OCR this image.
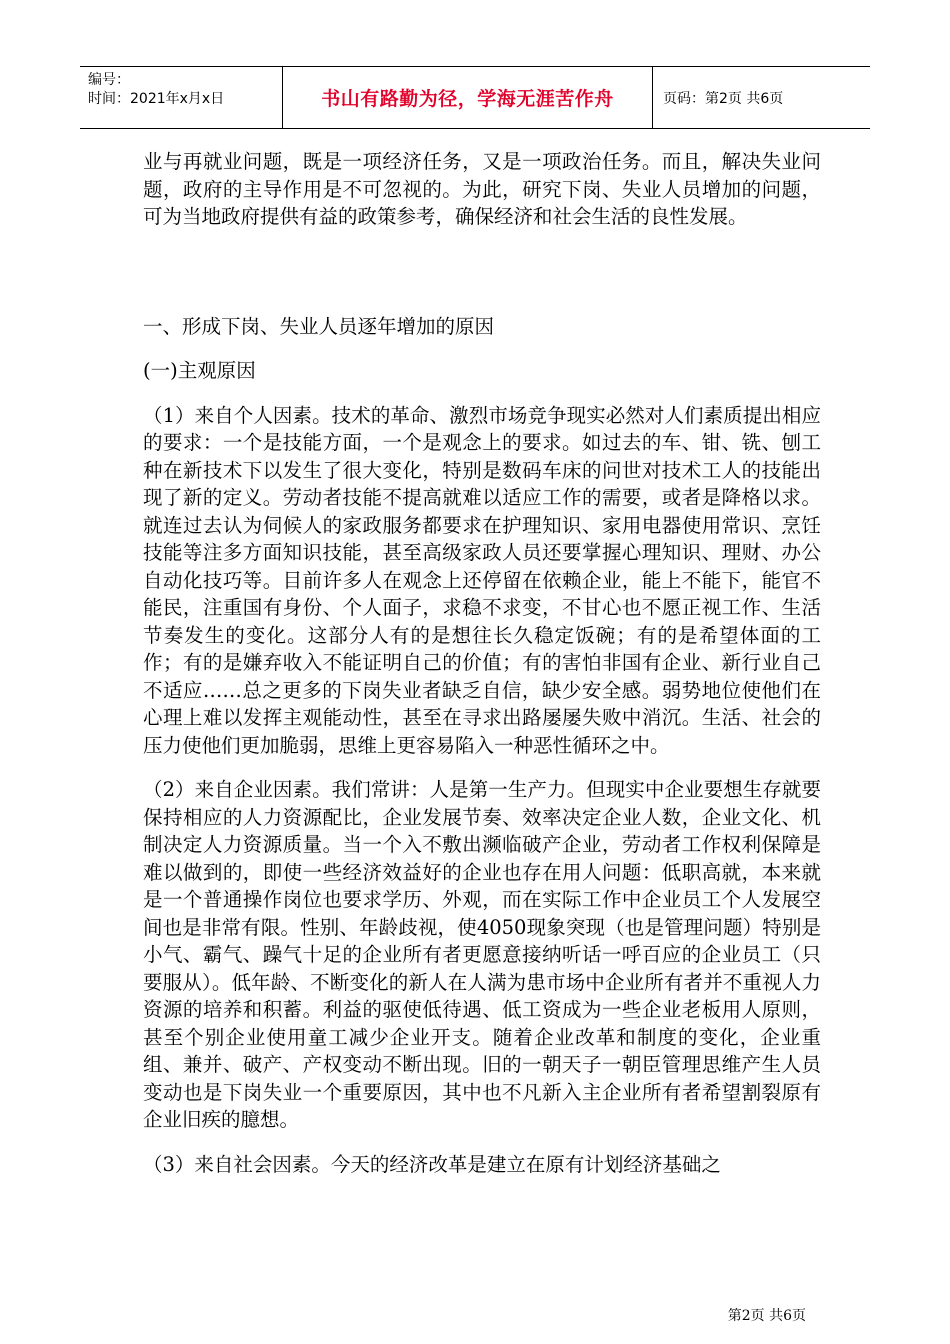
编号：
时间：2021年x月x日	书山有路勤为径，学海无涯苦作舟	页码：第2页 共6页

业与再就业问题，既是一项经济任务，又是一项政治任务。而且，解决失业问题，政府的主导作用是不可忽视的。为此，研究下岗、失业人员增加的问题，可为当地政府提供有益的政策参考，确保经济和社会生活的良性发展。

一、形成下岗、失业人员逐年增加的原因

(一)主观原因

（1）来自个人因素。技术的革命、激烈市场竞争现实必然对人们素质提出相应的要求：一个是技能方面，一个是观念上的要求。如过去的车、钳、铣、刨工种在新技术下以发生了很大变化，特别是数码车床的问世对技术工人的技能出现了新的定义。劳动者技能不提高就难以适应工作的需要，或者是降格以求。就连过去认为伺候人的家政服务都要求在护理知识、家用电器使用常识、烹饪技能等注多方面知识技能，甚至高级家政人员还要掌握心理知识、理财、办公自动化技巧等。目前许多人在观念上还停留在依赖企业，能上不能下，能官不能民，注重国有身份、个人面子，求稳不求变，不甘心也不愿正视工作、生活节奏发生的变化。这部分人有的是想往长久稳定饭碗；有的是希望体面的工作；有的是嫌弃收入不能证明自己的价值；有的害怕非国有企业、新行业自己不适应……总之更多的下岗失业者缺乏自信，缺少安全感。弱势地位使他们在心理上难以发挥主观能动性，甚至在寻求出路屡屡失败中消沉。生活、社会的压力使他们更加脆弱，思维上更容易陷入一种恶性循环之中。

（2）来自企业因素。我们常讲：人是第一生产力。但现实中企业要想生存就要保持相应的人力资源配比，企业发展节奏、效率决定企业人数，企业文化、机制决定人力资源质量。当一个入不敷出濒临破产企业，劳动者工作权利保障是难以做到的，即使一些经济效益好的企业也存在用人问题：低职高就，本来就是一个普通操作岗位也要求学历、外观，而在实际工作中企业员工个人发展空间也是非常有限。性别、年龄歧视，使4050现象突现（也是管理问题）特别是小气、霸气、躁气十足的企业所有者更愿意接纳听话一呼百应的企业员工（只要服从）。低年龄、不断变化的新人在人满为患市场中企业所有者并不重视人力资源的培养和积蓄。利益的驱使低待遇、低工资成为一些企业老板用人原则，甚至个别企业使用童工减少企业开支。随着企业改革和制度的变化，企业重组、兼并、破产、产权变动不断出现。旧的一朝天子一朝臣管理思维产生人员变动也是下岗失业一个重要原因，其中也不凡新入主企业所有者希望割裂原有企业旧疾的臆想。

（3）来自社会因素。今天的经济改革是建立在原有计划经济基础之

第2页 共6页
